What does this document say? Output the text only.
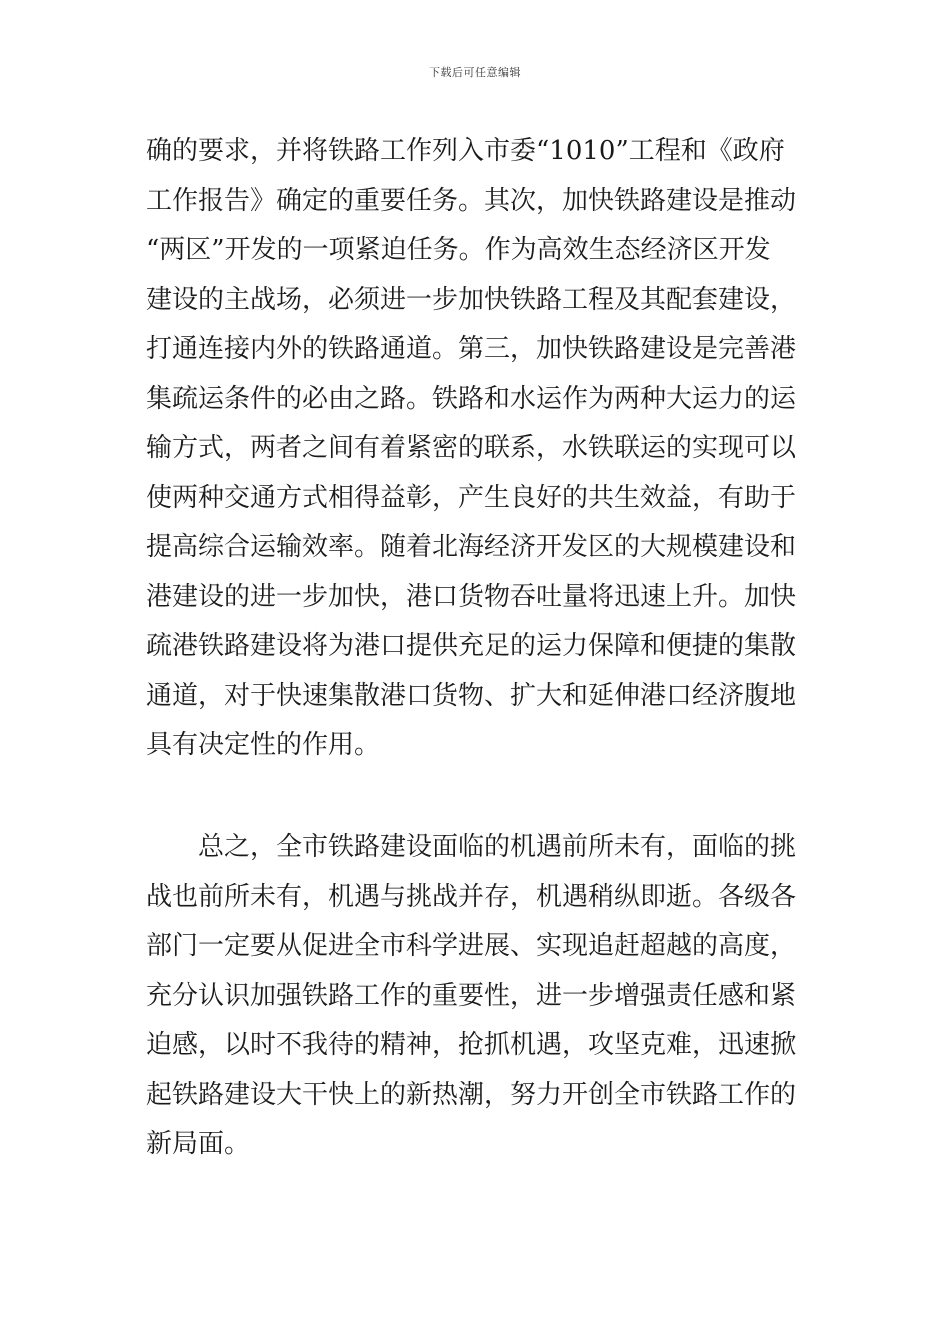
下载后可任意编辑
确的要求，并将铁路工作列入市委“1010”工程和《政府
工作报告》确定的重要任务。其次，加快铁路建设是推动
“两区”开发的一项紧迫任务。作为高效生态经济区开发
建设的主战场，必须进一步加快铁路工程及其配套建设，
打通连接内外的铁路通道。第三，加快铁路建设是完善港
集疏运条件的必由之路。铁路和水运作为两种大运力的运
输方式，两者之间有着紧密的联系，水铁联运的实现可以
使两种交通方式相得益彰，产生良好的共生效益，有助于
提高综合运输效率。随着北海经济开发区的大规模建设和
港建设的进一步加快，港口货物吞吐量将迅速上升。加快
疏港铁路建设将为港口提供充足的运力保障和便捷的集散
通道，对于快速集散港口货物、扩大和延伸港口经济腹地
具有决定性的作用。
总之，全市铁路建设面临的机遇前所未有，面临的挑
战也前所未有，机遇与挑战并存，机遇稍纵即逝。各级各
部门一定要从促进全市科学进展、实现追赶超越的高度，
充分认识加强铁路工作的重要性，进一步增强责任感和紧
迫感，以时不我待的精神，抢抓机遇，攻坚克难，迅速掀
起铁路建设大干快上的新热潮，努力开创全市铁路工作的
新局面。
